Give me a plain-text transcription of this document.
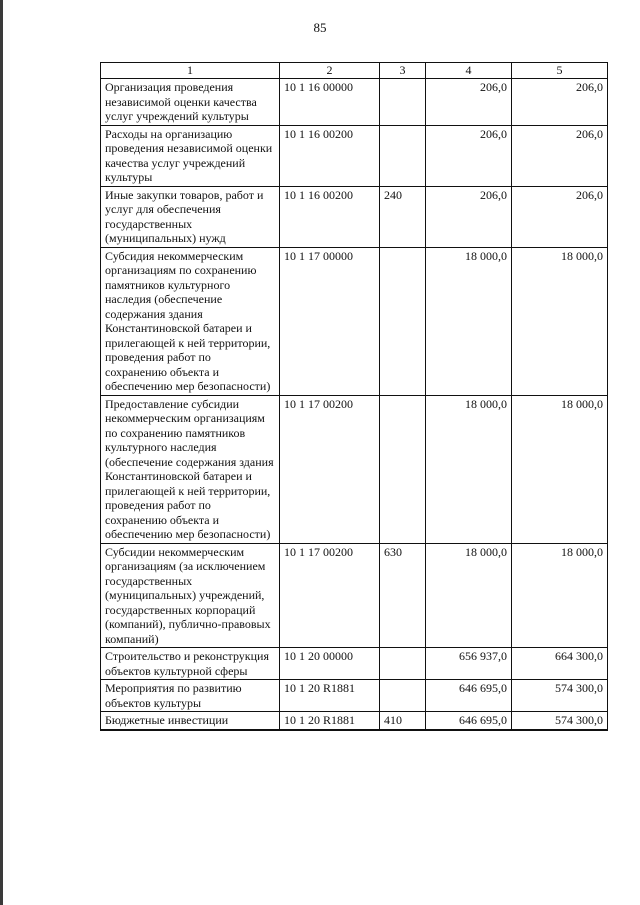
85
1	2	3	4	5
Организация проведения независимой оценки качества услуг учреждений культуры	10 1 16 00000		206,0	206,0
Расходы на организацию проведения независимой оценки качества услуг учреждений культуры	10 1 16 00200		206,0	206,0
Иные закупки товаров, работ и услуг для обеспечения государственных (муниципальных) нужд	10 1 16 00200	240	206,0	206,0
Субсидия некоммерческим организациям по сохранению памятников культурного наследия (обеспечение содержания здания Константиновской батареи и прилегающей к ней территории, проведения работ по сохранению объекта и обеспечению мер безопасности)	10 1 17 00000		18 000,0	18 000,0
Предоставление субсидии некоммерческим организациям по сохранению памятников культурного наследия (обеспечение содержания здания Константиновской батареи и прилегающей к ней территории, проведения работ по сохранению объекта и обеспечению мер безопасности)	10 1 17 00200		18 000,0	18 000,0
Субсидии некоммерческим организациям (за исключением государственных (муниципальных) учреждений, государственных корпораций (компаний), публично-правовых компаний)	10 1 17 00200	630	18 000,0	18 000,0
Строительство и реконструкция объектов культурной сферы	10 1 20 00000		656 937,0	664 300,0
Мероприятия по развитию объектов культуры	10 1 20 R1881		646 695,0	574 300,0
Бюджетные инвестиции	10 1 20 R1881	410	646 695,0	574 300,0
